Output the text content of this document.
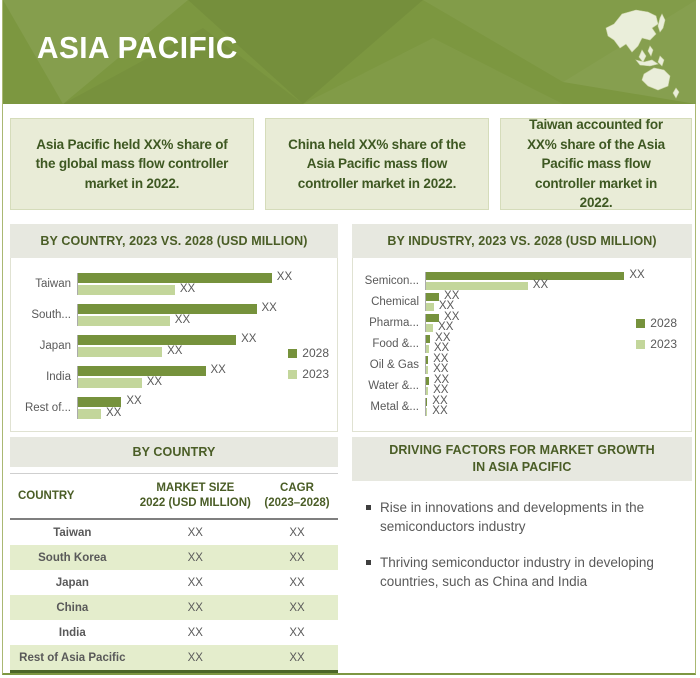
ASIA PACIFIC
Asia Pacific held XX% share of the global mass flow controller market in 2022.
China held XX% share of the Asia Pacific mass flow controller market in 2022.
Taiwan accounted for XX% share of the Asia Pacific mass flow controller market in 2022.
BY COUNTRY, 2023 VS. 2028 (USD MILLION)
Taiwan
XX
XX
South...
XX
XX
Japan
XX
XX
India
XX
XX
Rest of...
XX
XX
2028
2023
BY INDUSTRY, 2023 VS. 2028 (USD MILLION)
Semicon...	XX
XX
Chemical	XX
XX
Pharma...	XX
XX
Food &...	XX
XX
Oil & Gas	XX
XX
Water &...	XX
XX
Metal &...	XX
XX
2028
2023
BY COUNTRY
COUNTRY
MARKET SIZE
2022 (USD MILLION)
CAGR
(2023–2028)
Taiwan	XX	XX
South Korea	XX	XX
Japan	XX	XX
China	XX	XX
India	XX	XX
Rest of Asia Pacific	XX	XX
DRIVING FACTORS FOR MARKET GROWTH
IN ASIA PACIFIC
Rise in innovations and developments in the semiconductors industry
Thriving semiconductor industry in developing countries, such as China and India
